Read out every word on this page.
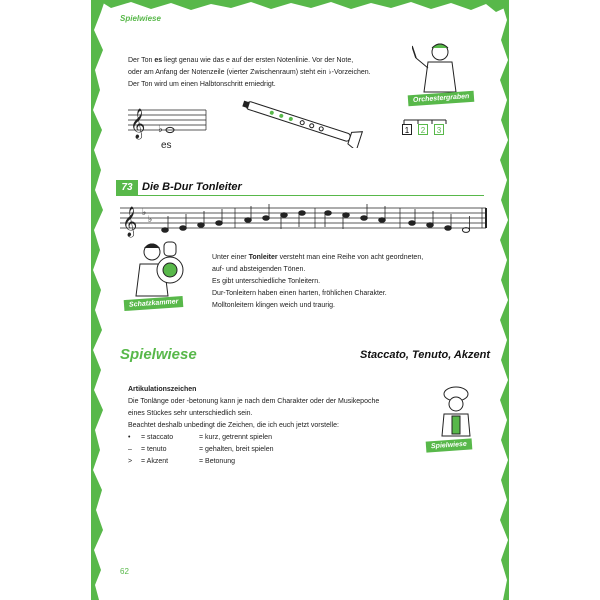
Spielwiese
Der Ton es liegt genau wie das e auf der ersten Notenlinie. Vor der Note,
oder am Anfang der Notenzeile (vierter Zwischenraum) steht ein ♭-Vorzeichen.
Der Ton wird um einen Halbtonschritt erniedrigt.
𝄞 ♭
es
Orchestergraben
1	2	3
73 Die B-Dur Tonleiter
𝄞 ♭
♭
Schatzkammer
Unter einer Tonleiter versteht man eine Reihe von acht geordneten,
auf- und absteigenden Tönen.
Es gibt unterschiedliche Tonleitern.
Dur-Tonleitern haben einen harten, fröhlichen Charakter.
Molltonleitern klingen weich und traurig.
Spielwiese	Staccato, Tenuto, Akzent
Artikulationszeichen
Die Tonlänge oder -betonung kann je nach dem Charakter oder der Musikepoche
eines Stückes sehr unterschiedlich sein.
Beachtet deshalb unbedingt die Zeichen, die ich euch jetzt vorstelle:
• = staccato	= kurz, getrennt spielen
– = tenuto	= gehalten, breit spielen
> = Akzent	= Betonung
Spielwiese
62
